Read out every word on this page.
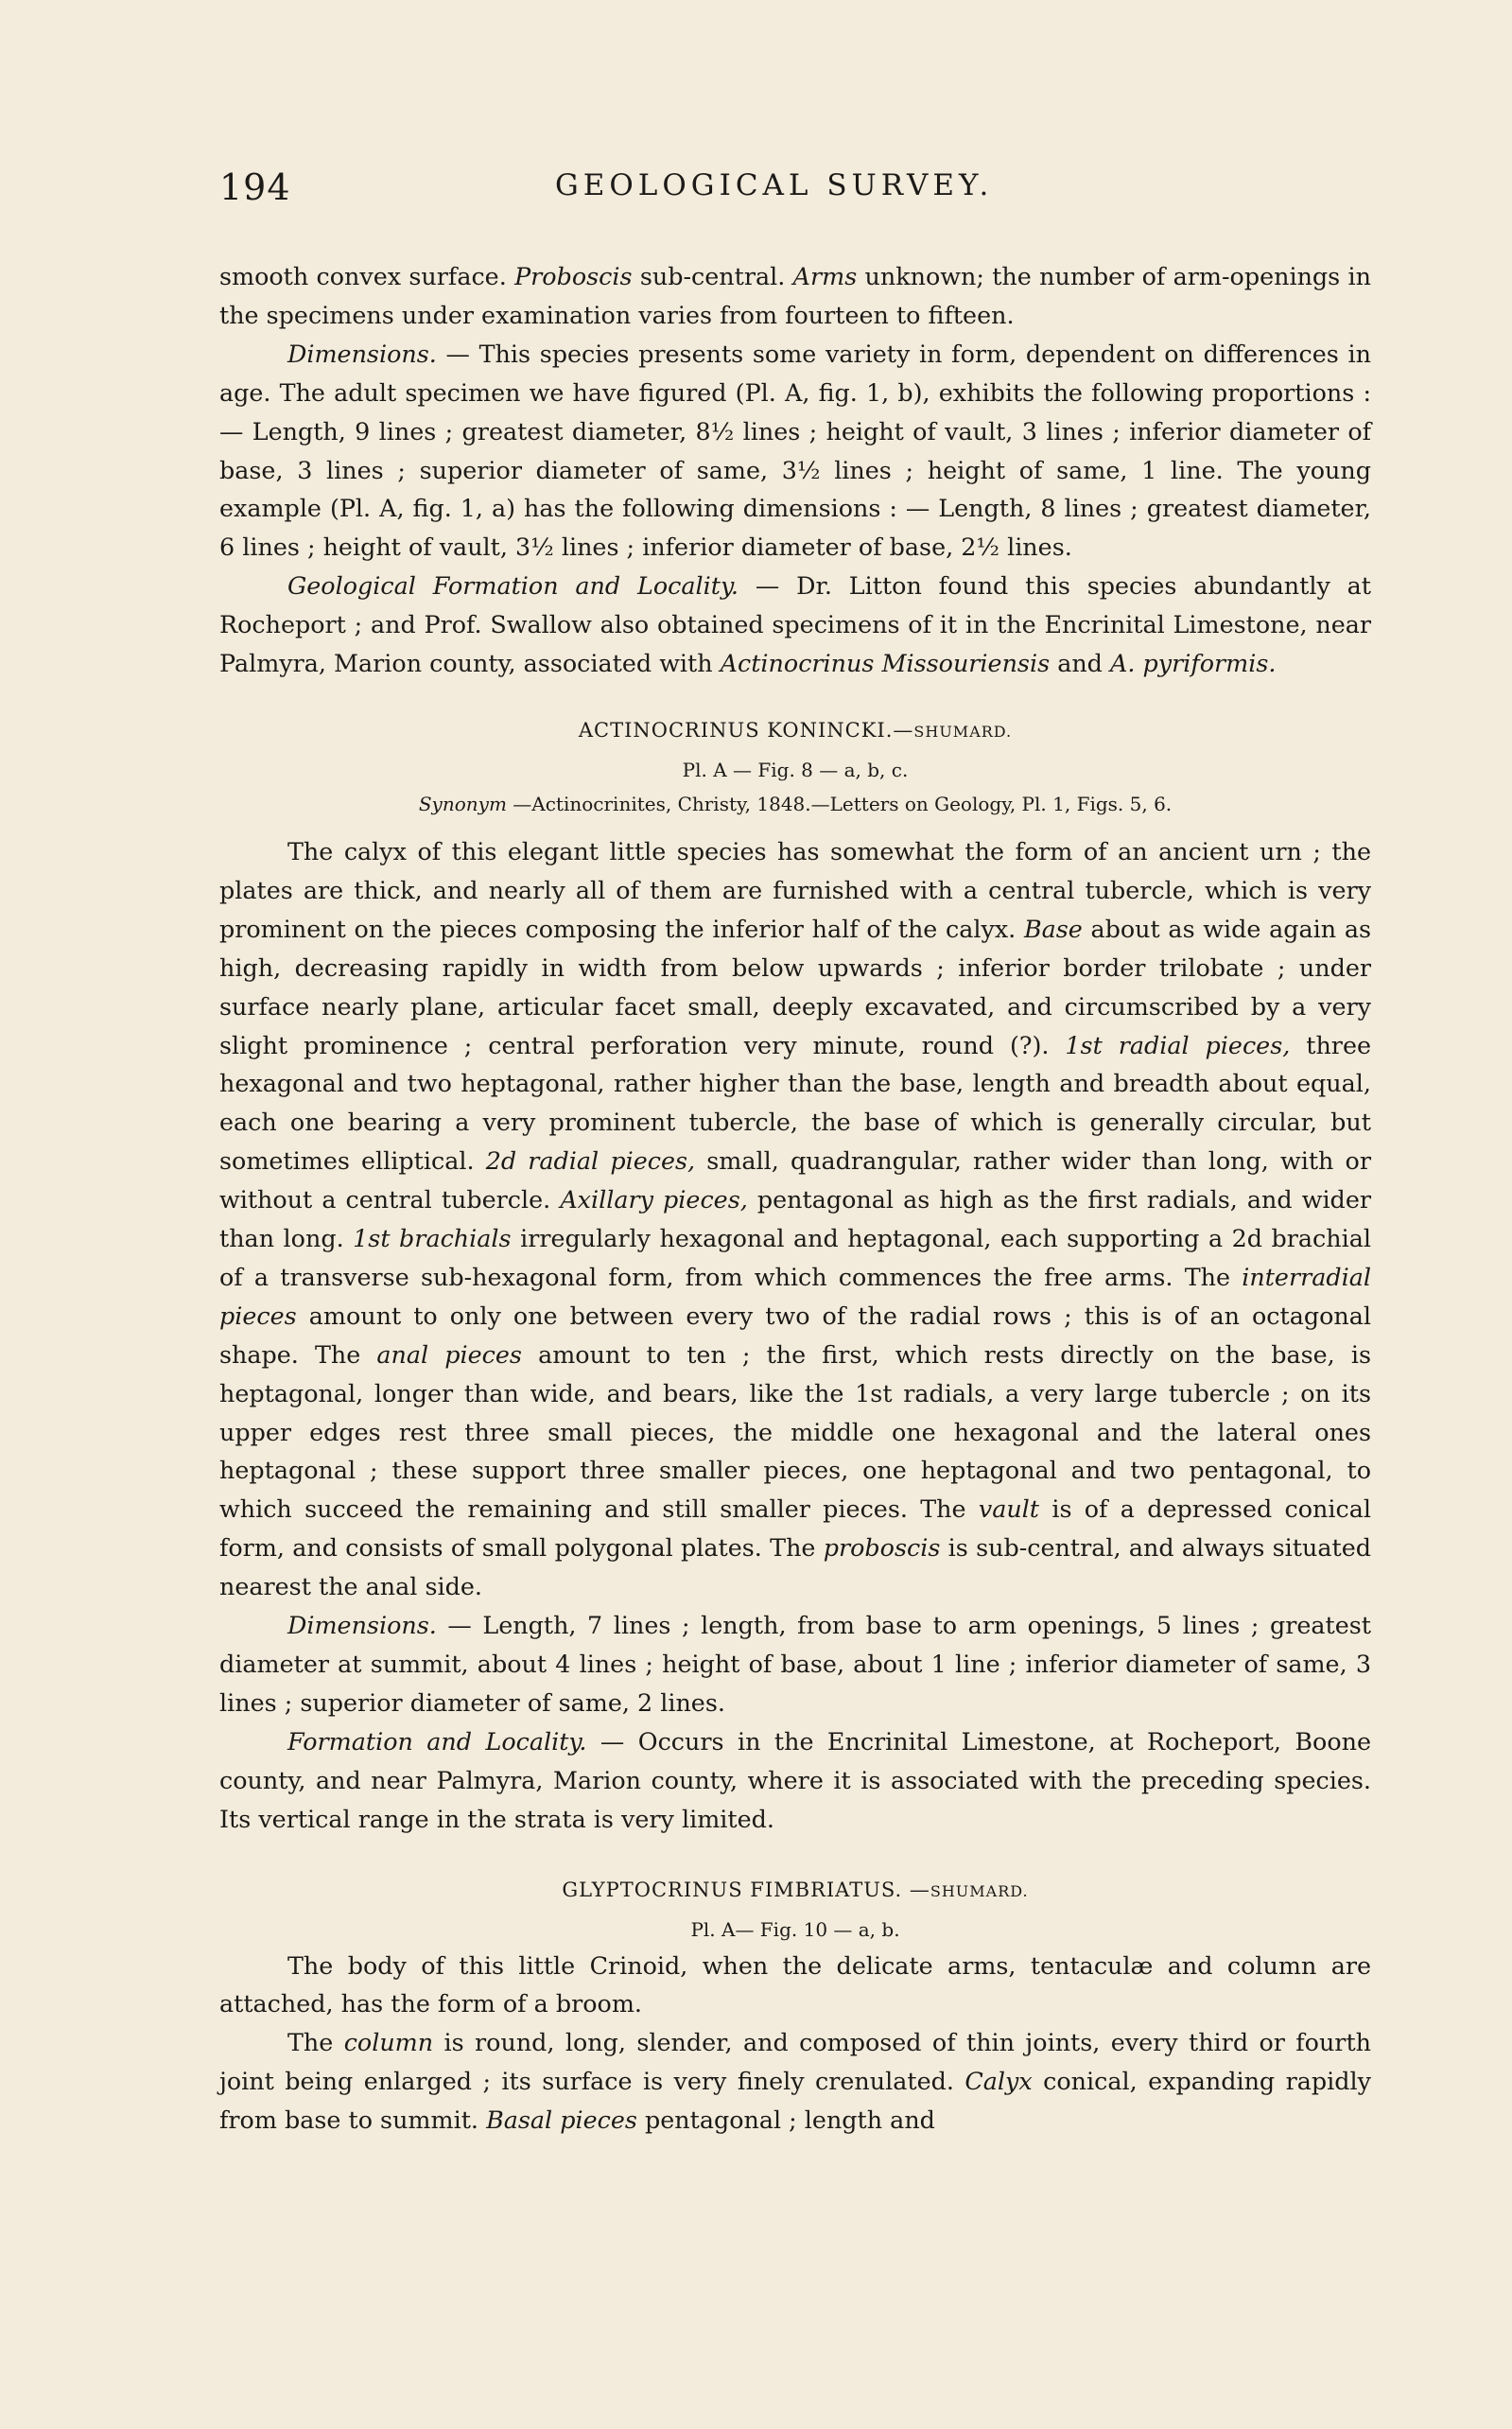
194	GEOLOGICAL SURVEY.

smooth convex surface. Proboscis sub-central. Arms unknown; the number of arm-openings in the specimens under examination varies from fourteen to fifteen.

Dimensions. — This species presents some variety in form, dependent on differences in age. The adult specimen we have figured (Pl. A, fig. 1, b), exhibits the following proportions : — Length, 9 lines ; greatest diameter, 8½ lines ; height of vault, 3 lines ; inferior diameter of base, 3 lines ; superior diameter of same, 3½ lines ; height of same, 1 line. The young example (Pl. A, fig. 1, a) has the following dimensions : — Length, 8 lines ; greatest diameter, 6 lines ; height of vault, 3½ lines ; inferior diameter of base, 2½ lines.

Geological Formation and Locality. — Dr. Litton found this species abundantly at Rocheport ; and Prof. Swallow also obtained specimens of it in the Encrinital Limestone, near Palmyra, Marion county, associated with Actinocrinus Missouriensis and A. pyriformis.

ACTINOCRINUS KONINCKI.—SHUMARD.

Pl. A — Fig. 8 — a, b, c.

Synonym —Actinocrinites, Christy, 1848.—Letters on Geology, Pl. 1, Figs. 5, 6.

The calyx of this elegant little species has somewhat the form of an ancient urn ; the plates are thick, and nearly all of them are furnished with a central tubercle, which is very prominent on the pieces composing the inferior half of the calyx. Base about as wide again as high, decreasing rapidly in width from below upwards ; inferior border trilobate ; under surface nearly plane, articular facet small, deeply excavated, and circumscribed by a very slight prominence ; central perforation very minute, round (?). 1st radial pieces, three hexagonal and two heptagonal, rather higher than the base, length and breadth about equal, each one bearing a very prominent tubercle, the base of which is generally circular, but sometimes elliptical. 2d radial pieces, small, quadrangular, rather wider than long, with or without a central tubercle. Axillary pieces, pentagonal as high as the first radials, and wider than long. 1st brachials irregularly hexagonal and heptagonal, each supporting a 2d brachial of a transverse sub-hexagonal form, from which commences the free arms. The interradial pieces amount to only one between every two of the radial rows ; this is of an octagonal shape. The anal pieces amount to ten ; the first, which rests directly on the base, is heptagonal, longer than wide, and bears, like the 1st radials, a very large tubercle ; on its upper edges rest three small pieces, the middle one hexagonal and the lateral ones heptagonal ; these support three smaller pieces, one heptagonal and two pentagonal, to which succeed the remaining and still smaller pieces. The vault is of a depressed conical form, and consists of small polygonal plates. The proboscis is sub-central, and always situated nearest the anal side.

Dimensions. — Length, 7 lines ; length, from base to arm openings, 5 lines ; greatest diameter at summit, about 4 lines ; height of base, about 1 line ; inferior diameter of same, 3 lines ; superior diameter of same, 2 lines.

Formation and Locality. — Occurs in the Encrinital Limestone, at Rocheport, Boone county, and near Palmyra, Marion county, where it is associated with the preceding species. Its vertical range in the strata is very limited.

GLYPTOCRINUS FIMBRIATUS. —SHUMARD.

Pl. A— Fig. 10 — a, b.

The body of this little Crinoid, when the delicate arms, tentaculæ and column are attached, has the form of a broom.

The column is round, long, slender, and composed of thin joints, every third or fourth joint being enlarged ; its surface is very finely crenulated. Calyx conical, expanding rapidly from base to summit. Basal pieces pentagonal ; length and
